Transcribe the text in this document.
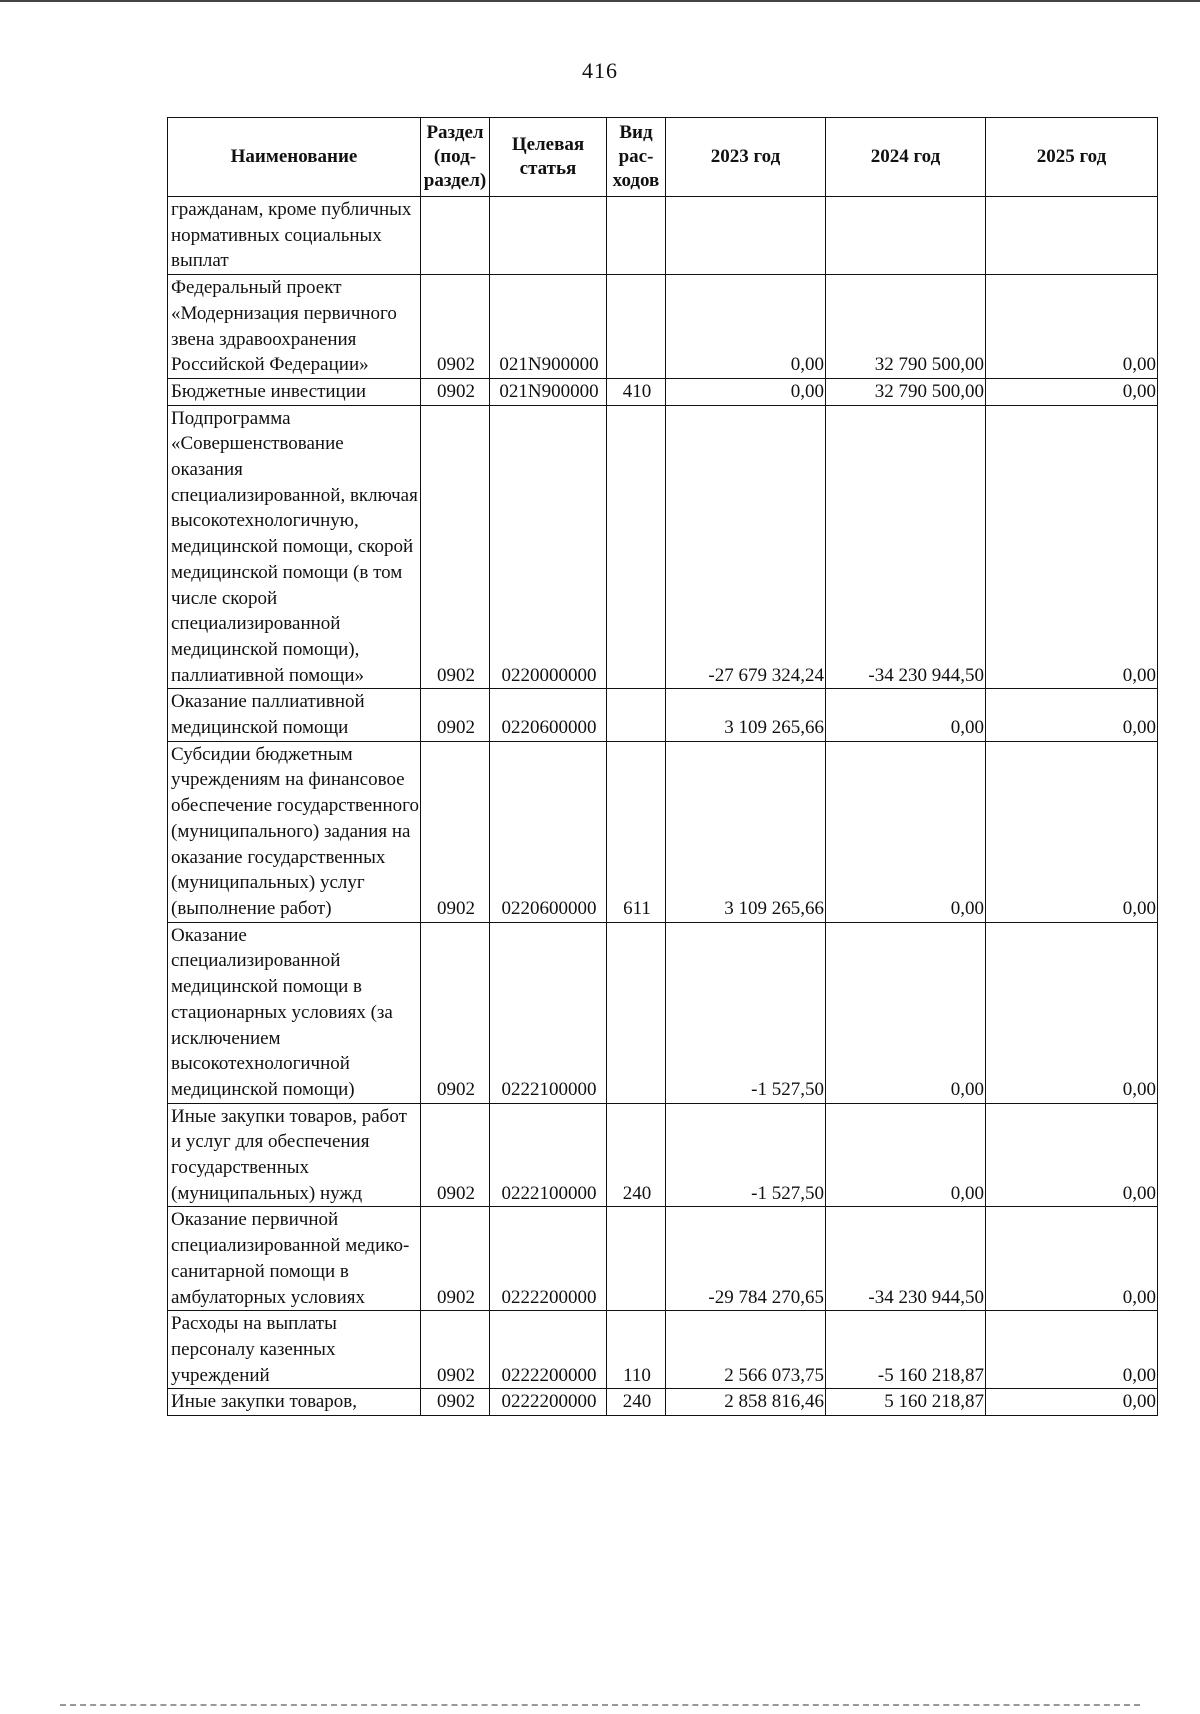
416
Наименование	Раздел (под-раздел)	Целевая статья	Вид рас-ходов	2023 год	2024 год	2025 год
гражданам, кроме публичных нормативных социальных выплат						
Федеральный проект «Модернизация первичного звена здравоохранения Российской Федерации»	0902	021N900000		0,00	32 790 500,00	0,00
Бюджетные инвестиции	0902	021N900000	410	0,00	32 790 500,00	0,00
Подпрограмма «Совершенствование оказания специализированной, включая высокотехнологичную, медицинской помощи, скорой медицинской помощи (в том числе скорой специализированной медицинской помощи), паллиативной помощи»	0902	0220000000		-27 679 324,24	-34 230 944,50	0,00
Оказание паллиативной медицинской помощи	0902	0220600000		3 109 265,66	0,00	0,00
Субсидии бюджетным учреждениям на финансовое обеспечение государственного (муниципального) задания на оказание государственных (муниципальных) услуг (выполнение работ)	0902	0220600000	611	3 109 265,66	0,00	0,00
Оказание специализированной медицинской помощи в стационарных условиях (за исключением высокотехнологичной медицинской помощи)	0902	0222100000		-1 527,50	0,00	0,00
Иные закупки товаров, работ и услуг для обеспечения государственных (муниципальных) нужд	0902	0222100000	240	-1 527,50	0,00	0,00
Оказание первичной специализированной медико-санитарной помощи в амбулаторных условиях	0902	0222200000		-29 784 270,65	-34 230 944,50	0,00
Расходы на выплаты персоналу казенных учреждений	0902	0222200000	110	2 566 073,75	-5 160 218,87	0,00
Иные закупки товаров,	0902	0222200000	240	2 858 816,46	5 160 218,87	0,00
